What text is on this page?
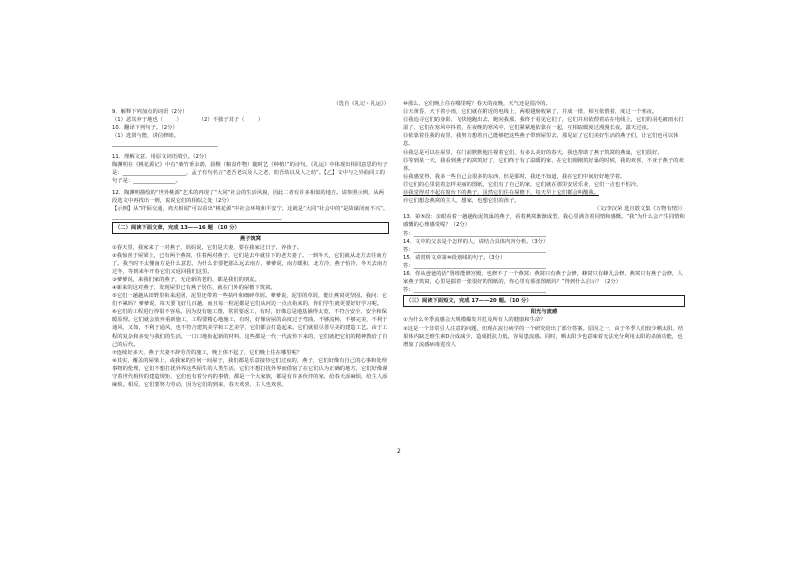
（选自《礼记・礼运》）

9．解释下列加点的词语（2分）

（1）恶其弃于地也（        ）          （2）不独子其子（        ）

10．翻译下列句子。（2分）

（1）选贤与能，讲信修睦。

________________________________________

11．理解文意，用原文词语填空。（2分）

陶渊明在《桃花源记》中有“桑竹垂余荫，菽稷（粮食作物）随时艺（种植）”的诗句。《礼运》中体现出相同意思的句子是：________________________，孟子有句名言“老吾老以及人之老，幼吾幼以及人之幼”。【乙】文中与之异曲同工的句子是：________________。

12．陶渊明描绘的“世外桃源”艺术的再现了“大同”社会的生活风貌，因此二者有许多相似的地方。请参照示例，从两段选文中再找出一例，说说它们的相似之处（2分）

【示例】从“阡陌交通，鸡犬相闻”可以看出“桃花源”中社会环境和平安宁，这就是“大同”社会中的“是故谋闭而不兴”。

________________________________________________________________

（二）阅读下面文章，完成 13——16 题 （10 分）

燕子筑窝

①春天里，我家来了一对燕子，妈妈说，它们是夫妻，要在我家过日子，养孩子。

②我惊喜于屋梁上，已有两个燕窝，住着两对燕子，它们是去年就住下的老夫妻了。一到冬天，它们就从北方去往南方了。我当时不太懂南方是什么意思，为什么非要把那么远去南方，爹爹说，南方暖和，北方冷，燕子怕冷，冬天去南方过冬，等到来年开春它们又返回我们这里。

③爹爹说，来我们家的燕子，无论新的老的，都是我们的朋友。

④新来的这对燕子，发现屋里已有燕子居住，就在门外的屋檐下筑窝。

⑤它们一趟趟从田野里衔来泥团，泥里还带着一些枯叶和细碎草屑。爹爹说，泥里的草屑，能让燕窝更坚固。我问：它们不累吗？爹爹说，每天要飞好几百趟，而且每一粒泥都是它们从河边一点点衔来的，你们学生就更要好好学习呢。

⑥它们的工程进行得很不容易。因为没有施工图，常常要返工，有时，好像总是地基铺得太宽，不符合安全、安全和保暖原理。它们就会放弃重新施工，工程要精心地施工，有时，好像房屋的高度过于弯曲，不够流畅，不够完美，不利于通风，又如，不利于通风，也不符合建筑美学和工艺美学，它们都会打造起来。它们就很尽善尽美的建造工艺。由于工程的复杂和多变与我们的生活，一口口地衔起新的材料，这些都是一代一代流传下来的，它们就把它们的精神教给了自己的后代。

⑦连续好多天，燕子夫妻不辞劳苦的施工，晚上休不起了，它们晚上住在哪里呢？

⑧其实，覆盖的屋梁上，或我家的任何一间屋子，我们都是乐意接待它们过夜的，燕子，它们好像有自己的心事和处理事物的伦理，它们不想打扰外界这些陌生的人类生活，它们不想打扰外界而借宿了在它们认为正确的地方，它们好像谨守着世代相传的建造规矩，它们也有着分内的事情，都是一个大家族，都是有许多伙伴的家，给春天添麻烦，给主人添麻烦。相反，它们要努力劳动，因为它们的到来，春天欢喜，主人也欢喜。

⑩那么，它们晚上住在哪里呢？春天的夜晚，天气还是很冷的。

⑪天黄昏，天下着小雨，它们就在附近的电线上，两根翅膀收紧了，并成一排，相互依偎着，度过一个寒夜。

⑫我追寻它们的身影，飞快地跑出去，跑向我那，我终于看见它们了，它们并肩依偎着站在电线上，它们的羽毛被雨水打湿了，它们在寒风中抖着，在夜晚的寒风中，它们紧紧地依靠在一起，互相取暖度过漫漫长夜。露天过夜。

⑬依靠着住我的夜里，我努力想着自己能够把这些燕子带到屋里去，那见证了它们美好生活的燕子们，让它们也可以休息。

⑭我总是可以在屋里，在门前默默地注视着它们，有多么美好的春天，我也帮助了燕子筑窝的燕巢，它们很好。

⑮等到某一天，我看到燕子的窝筑好了，它们终于有了温暖的家，在它们刚刚筑好巢的时候，我的欢喜，不亚于燕子的欢喜。

⑯我感觉得，我多一些自己会很多的东西，但是那时，我还不知道，我在它们中间好好地学着。

⑰它们的心里装着怎样美丽的图纸，它们有了自己的家，它们就在那里安居乐业，它们一点也不怕冷。

⑱我觉得对不起在窗台下的燕子，虽然它们住在屋檐下，每天早上它们都会叫醒我。

⑲它们想念燕窝的主人，想家，也想它们的孩子。

（文/李汉荣 选自散文集《万物有情》）

13．第⑤段：亲眼看着一趟趟衔泥筑巢的燕子，看着燕窝渐渐成型，我心里满含着同情和感慨。“我”为什么会产生同情和感慨的心理感受呢？（2分）

答：__________________________________________________

14．文中的父亲是个怎样的人，请结合具体内容分析。（3分）

答：__________________________________________________

15．请赏析文章第⑩段划线的句子。（3分）

答：__________________________________________________

16．你从爸爸的话“鲁班能修宫殿，也修不了一个燕窝；燕窝只有燕子会修，蜂窝只有蜂儿会修，燕窝只有燕子会修，人家燕子筑窝，心里是揣着一张很好的图纸的，你心里有那张图纸吗？”得到什么启示？（2分）

答：__________________________________________________

（三）阅读下面短文，完成 17——20 题。（10 分）

阳光与流感

①为什么冬季流感会大规模爆发并危及所有人的健康和生命？

②这是一个非常引人注意的问题，但现在流行病学的一个研究给出了部分答案。原因之一，由于冬季人们较少晒太阳，结果体内缺乏维生素D合成减少，造成抵抗力低，容易患流感。同时，晒太阳少也意味着无法充分利用太阳的杀菌功能，也增加了流感病毒进攻人

2
